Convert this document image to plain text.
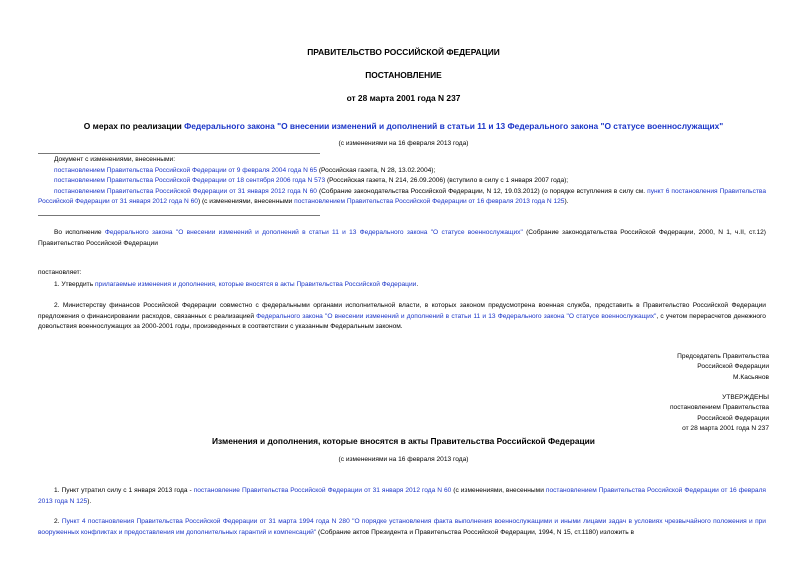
ПРАВИТЕЛЬСТВО РОССИЙСКОЙ ФЕДЕРАЦИИ
ПОСТАНОВЛЕНИЕ
от 28 марта 2001 года N 237
О мерах по реализации Федерального закона "О внесении изменений и дополнений в статьи 11 и 13 Федерального закона "О статусе военнослужащих"
(с изменениями на 16 февраля 2013 года)
Документ с изменениями, внесенными:
постановлением Правительства Российской Федерации от 9 февраля 2004 года N 65 (Российская газета, N 28, 13.02.2004);
постановлением Правительства Российской Федерации от 18 сентября 2006 года N 573 (Российская газета, N 214, 26.09.2006) (вступило в силу с 1 января 2007 года);
постановлением Правительства Российской Федерации от 31 января 2012 года N 60 (Собрание законодательства Российской Федерации, N 12, 19.03.2012) (о порядке вступления в силу см. пункт 6 постановления Правительства Российской Федерации от 31 января 2012 года N 60) (с изменениями, внесенными постановлением Правительства Российской Федерации от 16 февраля 2013 года N 125).
Во исполнение Федерального закона "О внесении изменений и дополнений в статьи 11 и 13 Федерального закона "О статусе военнослужащих" (Собрание законодательства Российской Федерации, 2000, N 1, ч.II, ст.12) Правительство Российской Федерации
постановляет:
1. Утвердить прилагаемые изменения и дополнения, которые вносятся в акты Правительства Российской Федерации.
2. Министерству финансов Российской Федерации совместно с федеральными органами исполнительной власти, в которых законом предусмотрена военная служба, представить в Правительство Российской Федерации предложения о финансировании расходов, связанных с реализацией Федерального закона "О внесении изменений и дополнений в статьи 11 и 13 Федерального закона "О статусе военнослужащих", с учетом перерасчетов денежного довольствия военнослужащих за 2000-2001 годы, произведенных в соответствии с указанным Федеральным законом.
Председатель Правительства
Российской Федерации
М.Касьянов
УТВЕРЖДЕНЫ
постановлением Правительства
Российской Федерации
от 28 марта 2001 года N 237
Изменения и дополнения, которые вносятся в акты Правительства Российской Федерации
(с изменениями на 16 февраля 2013 года)
1. Пункт утратил силу с 1 января 2013 года - постановление Правительства Российской Федерации от 31 января 2012 года N 60 (с изменениями, внесенными постановлением Правительства Российской Федерации от 16 февраля 2013 года N 125).
2. Пункт 4 постановления Правительства Российской Федерации от 31 марта 1994 года N 280 "О порядке установления факта выполнения военнослужащими и иными лицами задач в условиях чрезвычайного положения и при вооруженных конфликтах и предоставления им дополнительных гарантий и компенсаций" (Собрание актов Президента и Правительства Российской Федерации, 1994, N 15, ст.1180) изложить в
